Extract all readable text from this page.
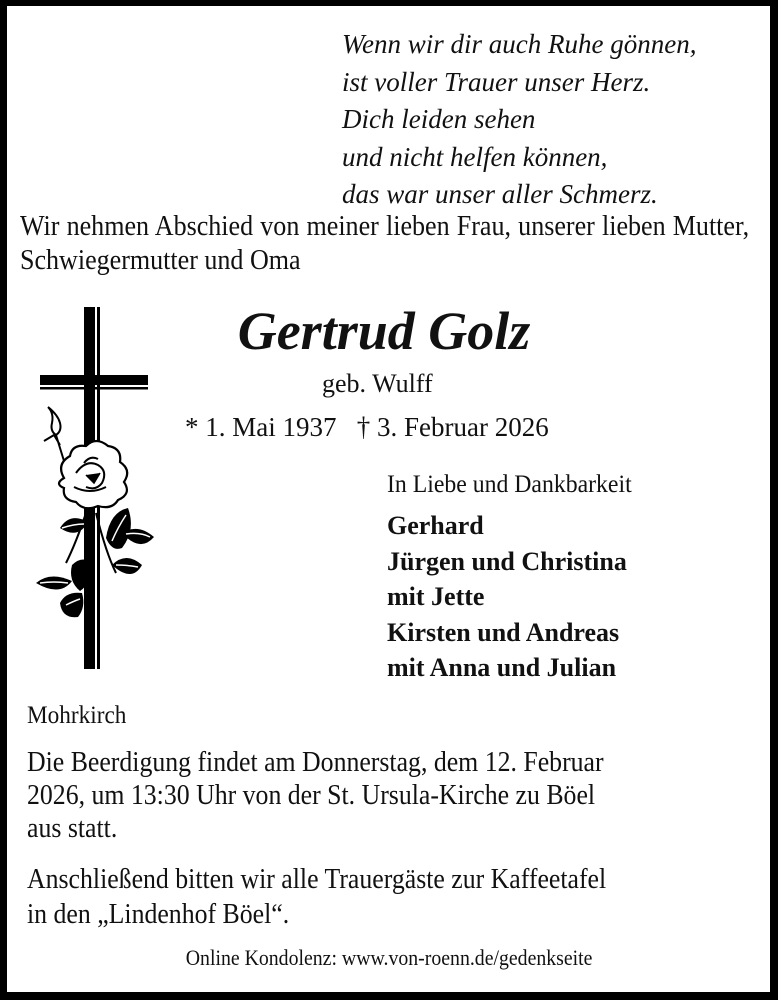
Wenn wir dir auch Ruhe gönnen,
ist voller Trauer unser Herz.
Dich leiden sehen
und nicht helfen können,
das war unser aller Schmerz.
Wir nehmen Abschied von meiner lieben Frau, unserer lieben Mutter, Schwiegermutter und Oma
Gertrud Golz
geb. Wulff
* 1. Mai 1937 † 3. Februar 2026
In Liebe und Dankbarkeit
Gerhard
Jürgen und Christina
mit Jette
Kirsten und Andreas
mit Anna und Julian
Mohrkirch
Die Beerdigung findet am Donnerstag, dem 12. Februar
2026, um 13:30 Uhr von der St. Ursula-Kirche zu Böel
aus statt.
Anschließend bitten wir alle Trauergäste zur Kaffeetafel
in den „Lindenhof Böel“.
Online Kondolenz: www.von-roenn.de/gedenkseite
